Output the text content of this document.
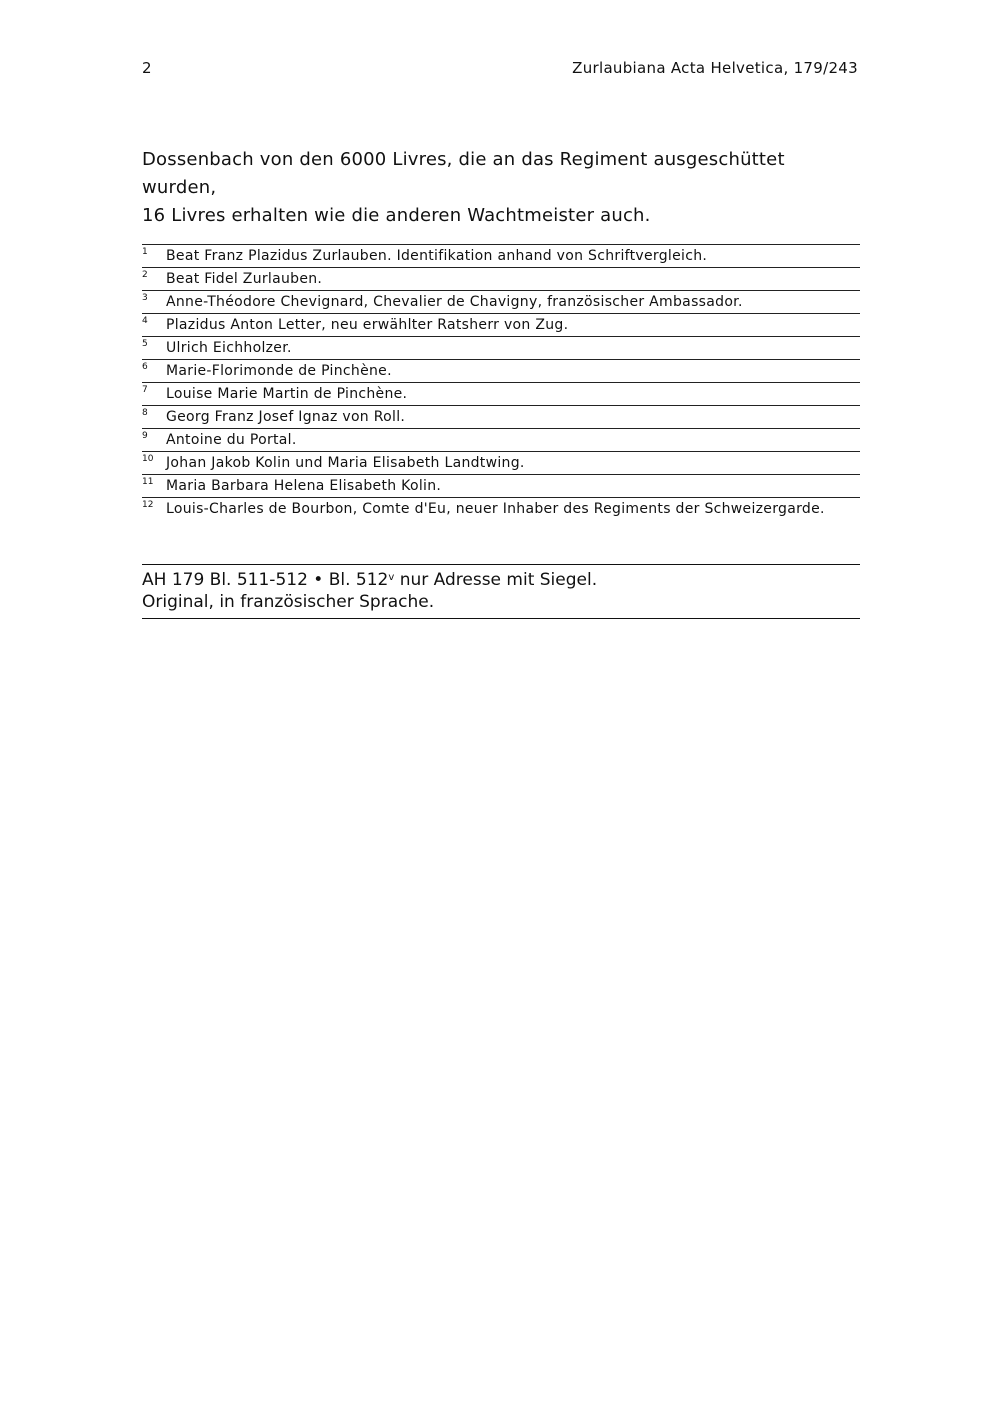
2	Zurlaubiana Acta Helvetica, 179/243

Dossenbach von den 6000 Livres, die an das Regiment ausgeschüttet wurden,

16 Livres erhalten wie die anderen Wachtmeister auch.

1	Beat Franz Plazidus Zurlauben. Identifikation anhand von Schriftvergleich.
2	Beat Fidel Zurlauben.
3	Anne-Théodore Chevignard, Chevalier de Chavigny, französischer Ambassador.
4	Plazidus Anton Letter, neu erwählter Ratsherr von Zug.
5	Ulrich Eichholzer.
6	Marie-Florimonde de Pinchène.
7	Louise Marie Martin de Pinchène.
8	Georg Franz Josef Ignaz von Roll.
9	Antoine du Portal.
10 Johan Jakob Kolin und Maria Elisabeth Landtwing.
11 Maria Barbara Helena Elisabeth Kolin.
12 Louis-Charles de Bourbon, Comte d'Eu, neuer Inhaber des Regiments der Schweizergarde.
AH 179 Bl. 511-512 • Bl. 512$^v$ nur Adresse mit Siegel.
Original, in französischer Sprache.
